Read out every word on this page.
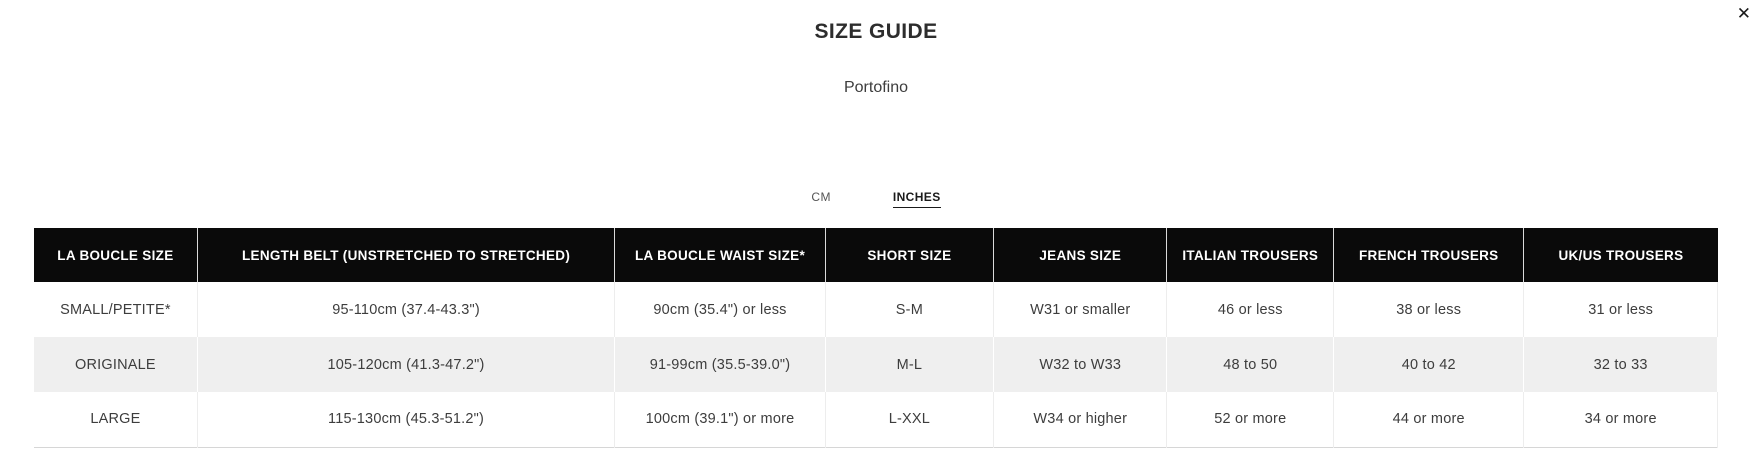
✕
SIZE GUIDE
Portofino
CM	INCHES
LA BOUCLE SIZE	LENGTH BELT (UNSTRETCHED TO STRETCHED)	LA BOUCLE WAIST SIZE*	SHORT SIZE	JEANS SIZE	ITALIAN TROUSERS	FRENCH TROUSERS	UK/US TROUSERS
SMALL/PETITE*	95-110cm (37.4-43.3")	90cm (35.4") or less	S-M	W31 or smaller	46 or less	38 or less	31 or less
ORIGINALE	105-120cm (41.3-47.2")	91-99cm (35.5-39.0")	M-L	W32 to W33	48 to 50	40 to 42	32 to 33
LARGE	115-130cm (45.3-51.2")	100cm (39.1") or more	L-XXL	W34 or higher	52 or more	44 or more	34 or more
